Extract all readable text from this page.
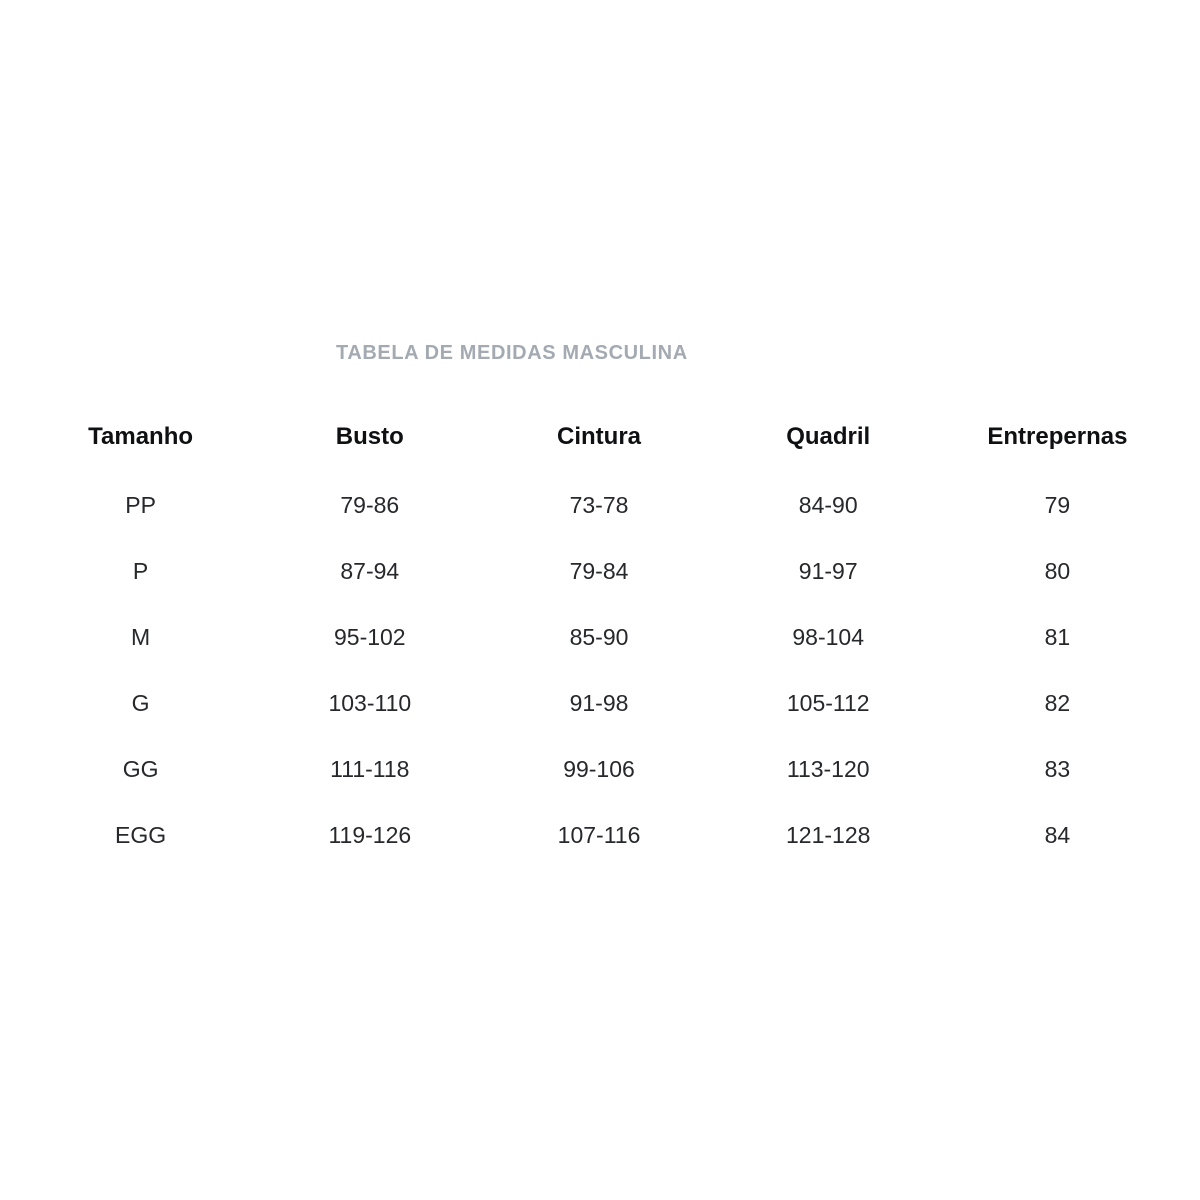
TABELA DE MEDIDAS MASCULINA
Tamanho	Busto	Cintura	Quadril	Entrepernas
PP	79-86	73-78	84-90	79
P	87-94	79-84	91-97	80
M	95-102	85-90	98-104	81
G	103-110	91-98	105-112	82
GG	111-118	99-106	113-120	83
EGG	119-126	107-116	121-128	84
